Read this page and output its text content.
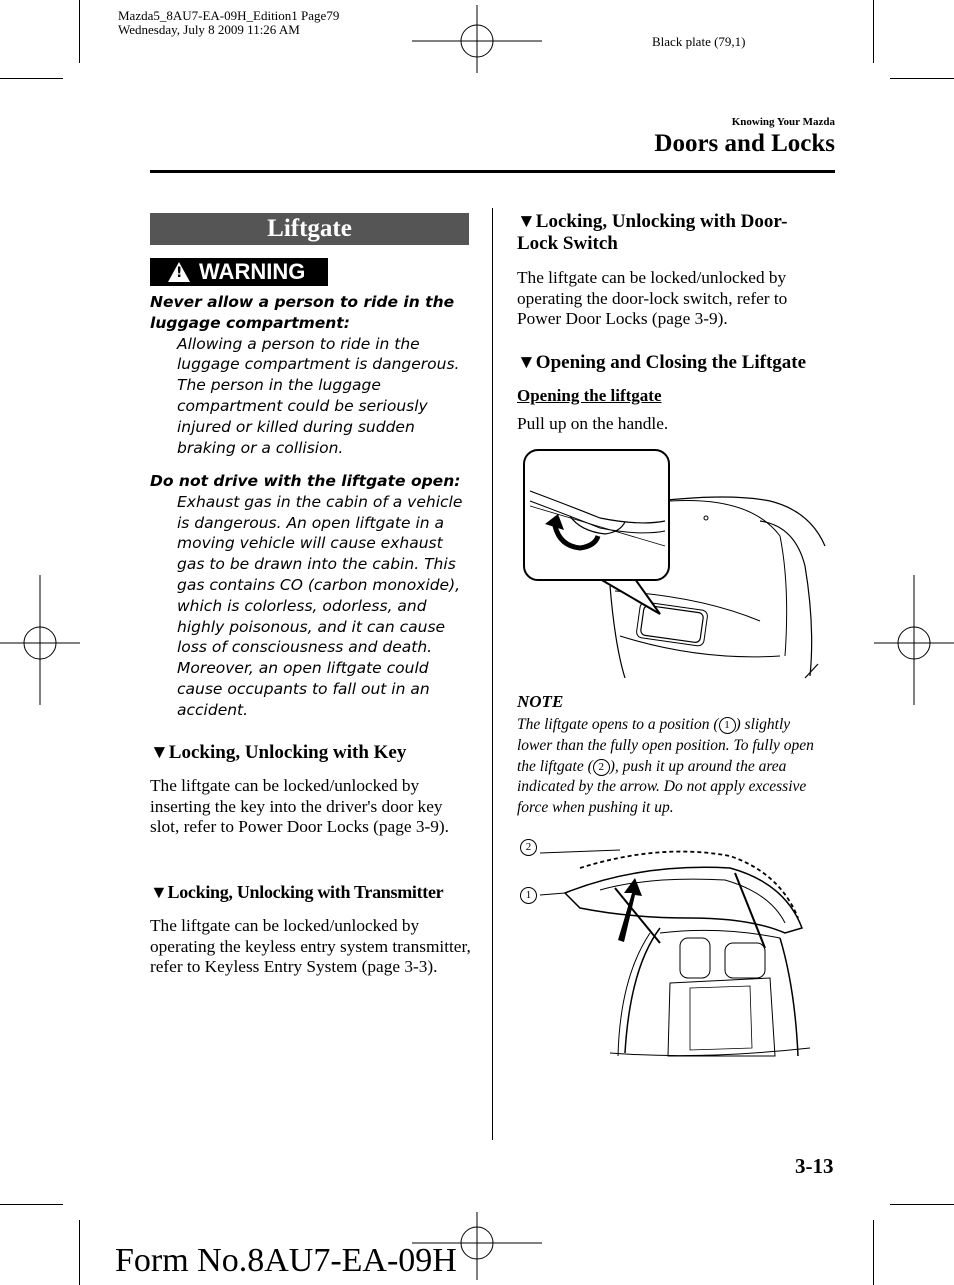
Mazda5_8AU7-EA-09H_Edition1 Page79
Wednesday, July 8 2009 11:26 AM
Black plate (79,1)
Knowing Your Mazda
Doors and Locks
Liftgate
! WARNING
Never allow a person to ride in the luggage compartment:
Allowing a person to ride in the luggage compartment is dangerous. The person in the luggage compartment could be seriously injured or killed during sudden braking or a collision.
Do not drive with the liftgate open:
Exhaust gas in the cabin of a vehicle is dangerous. An open liftgate in a moving vehicle will cause exhaust gas to be drawn into the cabin. This gas contains CO (carbon monoxide), which is colorless, odorless, and highly poisonous, and it can cause loss of consciousness and death. Moreover, an open liftgate could cause occupants to fall out in an accident.
▼Locking, Unlocking with Key
The liftgate can be locked/unlocked by inserting the key into the driver's door key slot, refer to Power Door Locks (page 3-9).
▼Locking, Unlocking with Transmitter
The liftgate can be locked/unlocked by operating the keyless entry system transmitter, refer to Keyless Entry System (page 3-3).
▼Locking, Unlocking with Door-Lock Switch
The liftgate can be locked/unlocked by operating the door-lock switch, refer to Power Door Locks (page 3-9).
▼Opening and Closing the Liftgate
Opening the liftgate
Pull up on the handle.
NOTE
The liftgate opens to a position ( 1 ) slightly lower than the fully open position. To fully open the liftgate ( 2 ), push it up around the area indicated by the arrow. Do not apply excessive force when pushing it up.
2
1
3-13
Form No.8AU7-EA-09H
